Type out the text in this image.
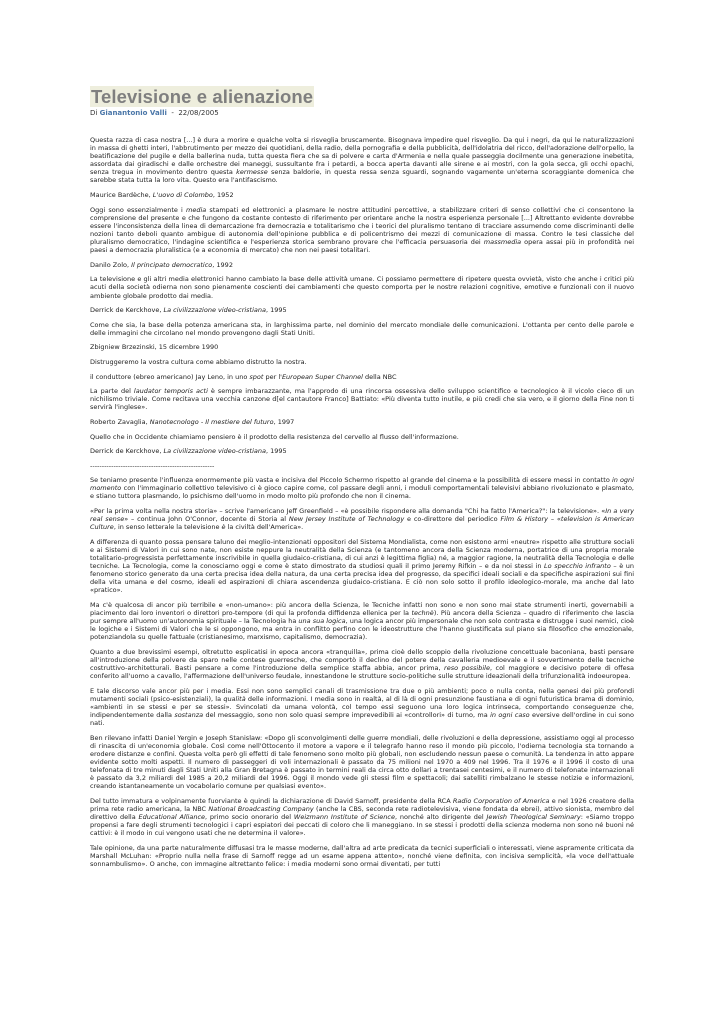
Televisione e alienazione
Di Gianantonio Valli - 22/08/2005

Questa razza di casa nostra [...] è dura a morire e qualche volta si risveglia bruscamente. Bisognava impedire quel risveglio. Da qui i negri, da qui le naturalizzazioni in massa di ghetti interi, l'abbrutimento per mezzo dei quotidiani, della radio, della pornografia e della pubblicità, dell'idolatria del ricco, dell'adorazione dell'orpello, la beatificazione del pugile e della ballerina nuda, tutta questa fiera che sa di polvere e carta d'Armenia e nella quale passeggia docilmente una generazione inebetita, assordata dai giradischi e dalle orchestre dei maneggi, sussultante fra i petardi, a bocca aperta davanti alle sirene e ai mostri, con la gola secca, gli occhi opachi, senza tregua in movimento dentro questa kermesse senza baldorie, in questa ressa senza sguardi, sognando vagamente un'eterna scoraggiante domenica che sarebbe stata tutta la loro vita. Questo era l'antifascismo.

Maurice Bardèche, L'uovo di Colombo, 1952

Oggi sono essenzialmente i media stampati ed elettronici a plasmare le nostre attitudini percettive, a stabilizzare criteri di senso collettivi che ci consentono la comprensione del presente e che fungono da costante contesto di riferimento per orientare anche la nostra esperienza personale [...] Altrettanto evidente dovrebbe essere l'inconsistenza della linea di demarcazione fra democrazia e totalitarismo che i teorici del pluralismo tentano di tracciare assumendo come discriminanti delle nozioni tanto deboli quanto ambigue di autonomia dell'opinione pubblica e di policentrismo dei mezzi di comunicazione di massa. Contro le tesi classiche del pluralismo democratico, l'indagine scientifica e l'esperienza storica sembrano provare che l'efficacia persuasoria dei massmedia opera assai più in profondità nei paesi a democrazia pluralistica (e a economia di mercato) che non nei paesi totalitari.

Danilo Zolo, Il principato democratico, 1992

La televisione e gli altri media elettronici hanno cambiato la base delle attività umane. Ci possiamo permettere di ripetere questa ovvietà, visto che anche i critici più acuti della società odierna non sono pienamente coscienti dei cambiamenti che questo comporta per le nostre relazioni cognitive, emotive e funzionali con il nuovo ambiente globale prodotto dai media.

Derrick de Kerckhove, La civilizzazione video-cristiana, 1995

Come che sia, la base della potenza americana sta, in larghissima parte, nel dominio del mercato mondiale delle comunicazioni. L'ottanta per cento delle parole e delle immagini che circolano nel mondo provengono dagli Stati Uniti.

Zbigniew Brzezinski, 15 dicembre 1990

Distruggeremo la vostra cultura come abbiamo distrutto la nostra.

il conduttore (ebreo americano) Jay Leno, in uno spot per l'European Super Channel della NBC

La parte del laudator temporis acti è sempre imbarazzante, ma l'approdo di una rincorsa ossessiva dello sviluppo scientifico e tecnologico è il vicolo cieco di un nichilismo triviale. Come recitava una vecchia canzone d[el cantautore Franco] Battiato: «Più diventa tutto inutile, e più credi che sia vero, e il giorno della Fine non ti servirà l'inglese».

Roberto Zavaglia, Nanotecnologo - Il mestiere del futuro, 1997

Quello che in Occidente chiamiamo pensiero è il prodotto della resistenza del cervello al flusso dell'informazione.

Derrick de Kerckhove, La civilizzazione video-cristiana, 1995

-----------------------------------------------------

Se teniamo presente l'influenza enormemente più vasta e incisiva del Piccolo Schermo rispetto al grande del cinema e la possibilità di essere messi in contatto in ogni momento con l'immaginario collettivo televisivo ci è gioco capire come, col passare degli anni, i moduli comportamentali televisivi abbiano rivoluzionato e plasmato, e stiano tuttora plasmando, lo psichismo dell'uomo in modo molto più profondo che non il cinema.

«Per la prima volta nella nostra storia» – scrive l'americano Jeff Greenfield – «è possibile rispondere alla domanda "Chi ha fatto l'America?": la televisione». «In a very real sense» – continua John O'Connor, docente di Storia al New Jersey Institute of Technology e co-direttore del periodico Film & History – «television is American Culture, in senso letterale la televisione è la civiltà dell'America».

A differenza di quanto possa pensare taluno dei meglio-intenzionati oppositori del Sistema Mondialista, come non esistono armi «neutre» rispetto alle strutture sociali e ai Sistemi di Valori in cui sono nate, non esiste neppure la neutralità della Scienza (e tantomeno ancora della Scienza moderna, portatrice di una propria morale totalitario-progressista perfettamente inscrivibile in quella giudaico-cristiana, di cui anzi è legittima figlia) né, a maggior ragione, la neutralità della Tecnologia e delle tecniche. La Tecnologia, come la conosciamo oggi e come è stato dimostrato da studiosi quali il primo Jeremy Rifkin – e da noi stessi in Lo specchio infranto – è un fenomeno storico generato da una certa precisa idea della natura, da una certa precisa idea del progresso, da specifici ideali sociali e da specifiche aspirazioni sui fini della vita umana e del cosmo, ideali ed aspirazioni di chiara ascendenza giudaico-cristiana. E ciò non solo sotto il profilo ideologico-morale, ma anche dal lato «pratico».

Ma c'è qualcosa di ancor più terribile e «non-umano»: più ancora della Scienza, le Tecniche infatti non sono e non sono mai state strumenti inerti, governabili a piacimento dai loro inventori o direttori pro-tempore (di qui la profonda diffidenza ellenica per la technè). Più ancora della Scienza – quadro di riferimento che lascia pur sempre all'uomo un'autonomia spirituale – la Tecnologia ha una sua logica, una logica ancor più impersonale che non solo contrasta e distrugge i suoi nemici, cioè le logiche e i Sistemi di Valori che le si oppongono, ma entra in conflitto perfino con le ideostrutture che l'hanno giustificata sul piano sia filosofico che emozionale, potenziandola su quelle fattuale (cristianesimo, marxismo, capitalismo, democrazia).

Quanto a due brevissimi esempi, oltretutto esplicatisi in epoca ancora «tranquilla», prima cioè dello scoppio della rivoluzione concettuale baconiana, basti pensare all'introduzione della polvere da sparo nelle contese guerresche, che comportò il declino del potere della cavalleria medioevale e il sovvertimento delle tecniche costruttivo-architetturali. Basti pensare a come l'introduzione della semplice staffa abbia, ancor prima, reso possibile, col maggiore e decisivo potere di offesa conferito all'uomo a cavallo, l'affermazione dell'universo feudale, innestandone le strutture socio-politiche sulle strutture ideazionali della trifunzionalità indoeuropea.

E tale discorso vale ancor più per i media. Essi non sono semplici canali di trasmissione tra due o più ambienti; poco o nulla conta, nella genesi dei più profondi mutamenti sociali (psico-esistenziali), la qualità delle informazioni. I media sono in realtà, al di là di ogni presunzione faustiana e di ogni futuristica brama di dominio, «ambienti in se stessi e per se stessi». Svincolati da umana volontà, col tempo essi seguono una loro logica intrinseca, comportando conseguenze che, indipendentemente dalla sostanza del messaggio, sono non solo quasi sempre imprevedibili ai «controllori» di turno, ma in ogni caso eversive dell'ordine in cui sono nati.

Ben rilevano infatti Daniel Yergin e Joseph Stanislaw: «Dopo gli sconvolgimenti delle guerre mondiali, delle rivoluzioni e della depressione, assistiamo oggi al processo di rinascita di un'economia globale. Così come nell'Ottocento il motore a vapore e il telegrafo hanno reso il mondo più piccolo, l'odierna tecnologia sta tornando a erodere distanze e confini. Questa volta però gli effetti di tale fenomeno sono molto più globali, non escludendo nessun paese o comunità. La tendenza in atto appare evidente sotto molti aspetti. Il numero di passeggeri di voli internazionali è passato da 75 milioni nel 1970 a 409 nel 1996. Tra il 1976 e il 1996 il costo di una telefonata di tre minuti dagli Stati Uniti alla Gran Bretagna è passato in termini reali da circa otto dollari a trentasei centesimi, e il numero di telefonate internazionali è passato da 3,2 miliardi del 1985 a 20,2 miliardi del 1996. Oggi il mondo vede gli stessi film e spettacoli; dai satelliti rimbalzano le stesse notizie e informazioni, creando istantaneamente un vocabolario comune per qualsiasi evento».

Del tutto immatura e volpinamente fuorviante è quindi la dichiarazione di David Sarnoff, presidente della RCA Radio Corporation of America e nel 1926 creatore della prima rete radio americana, la NBC National Broadcasting Company (anche la CBS, seconda rete radiotelevisiva, viene fondata da ebrei), attivo sionista, membro del direttivo della Educational Alliance, primo socio onorario del Weizmann Institute of Science, nonché alto dirigente del Jewish Theological Seminary: «Siamo troppo propensi a fare degli strumenti tecnologici i capri espiatori dei peccati di coloro che li maneggiano. In se stessi i prodotti della scienza moderna non sono né buoni né cattivi: è il modo in cui vengono usati che ne determina il valore».

Tale opinione, da una parte naturalmente diffusasi tra le masse moderne, dall'altra ad arte predicata da tecnici superficiali o interessati, viene aspramente criticata da Marshall McLuhan: «Proprio nulla nella frase di Sarnoff regge ad un esame appena attento», nonché viene definita, con incisiva semplicità, «la voce dell'attuale sonnambulismo». O anche, con immagine altrettanto felice: i media moderni sono ormai diventati, per tutti
